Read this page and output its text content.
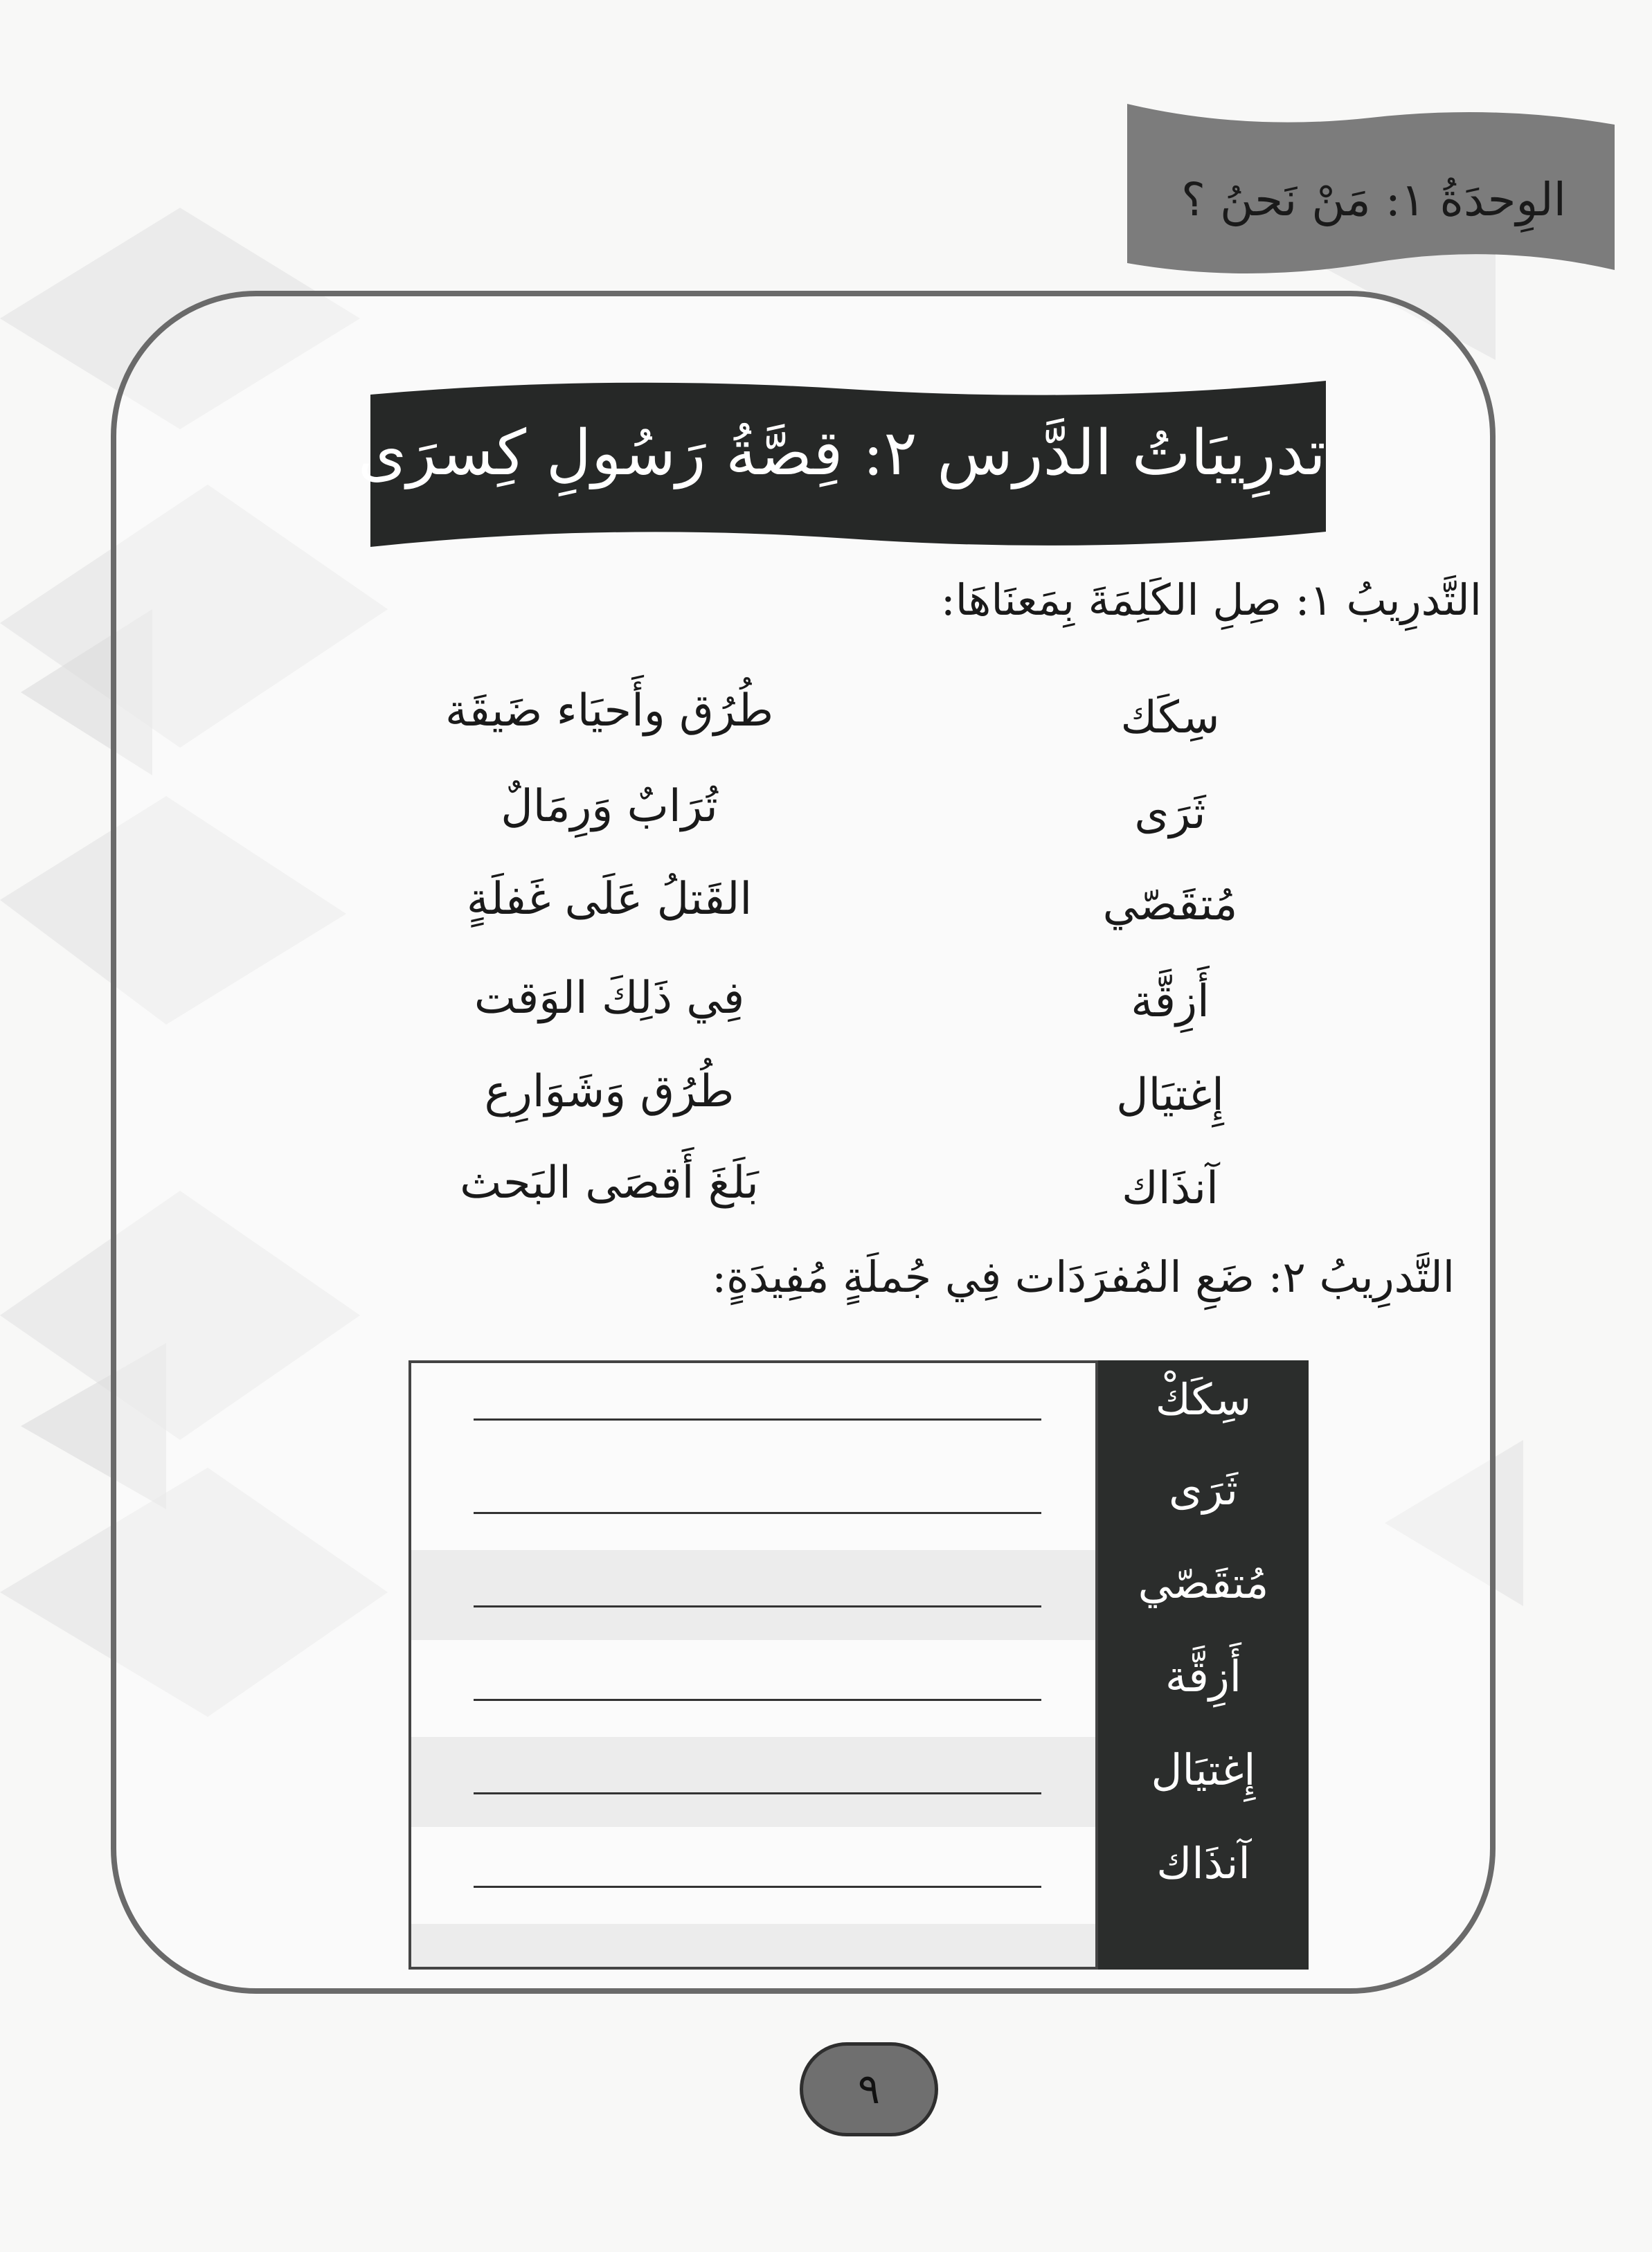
الوِحدَةُ ١: مَنْ نَحنُ ؟
تدرِيبَاتُ الدَّرس ٢: قِصَّةُ رَسُولِ كِسرَى
التَّدرِيبُ ١: صِلِ الكَلِمَةَ بِمَعنَاهَا:
سِكَك
ثَرَى
مُتقَصّي
أَزِقَّة
إِغتيَال
آنذَاك
طُرُق وأَحيَاء ضَيقَة
تُرَابٌ وَرِمَالٌ
القَتلُ عَلَى غَفلَةٍ
فِي ذَلِكَ الوَقت
طُرُق وَشَوَارِع
بَلَغَ أَقصَى البَحث
التَّدرِيبُ ٢: ضَعِ المُفرَدَات فِي جُملَةٍ مُفِيدَةٍ:
سِكَكْ
ثَرَى
مُتقَصّي
أَزِقَّة
إِغتيَال
آنذَاك
٩
